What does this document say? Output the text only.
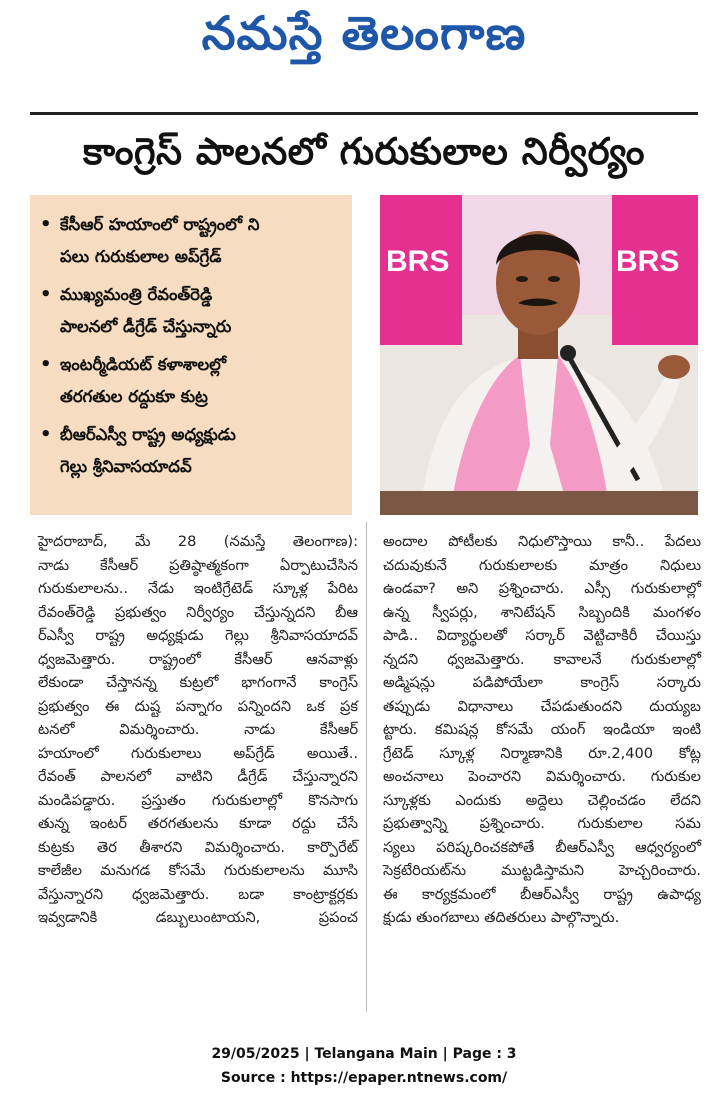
నమస్తే తెలంగాణ
కాంగ్రెస్ పాలనలో గురుకులాల నిర్వీర్యం
• కేసీఆర్ హయాంలో రాష్ట్రంలో ని
పలు గురుకులాల అప్‌గ్రేడ్
• ముఖ్యమంత్రి రేవంత్‌రెడ్డి
పాలనలో డీగ్రేడ్ చేస్తున్నారు
• ఇంటర్మీడియట్ కళాశాలల్లో
తరగతుల రద్దుకూ కుట్ర
• బీఆర్‌ఎస్వీ రాష్ట్ర అధ్యక్షుడు
గెల్లు శ్రీనివాసయాదవ్
BRS	BRS

హైదరాబాద్, మే 28 (నమస్తే తెలంగాణ):

నాడు కేసీఆర్ ప్రతిష్ఠాత్మకంగా ఏర్పాటుచేసిన

గురుకులాలను.. నేడు ఇంటిగ్రేటెడ్ స్కూళ్ల పేరిట

రేవంత్‌రెడ్డి ప్రభుత్వం నిర్వీర్యం చేస్తున్నదని బీఆ

ర్‌ఎస్వీ రాష్ట్ర అధ్యక్షుడు గెల్లు శ్రీనివాసయాదవ్

ధ్వజమెత్తారు. రాష్ట్రంలో కేసీఆర్ ఆనవాళ్లు

లేకుండా చేస్తానన్న కుట్రలో భాగంగానే కాంగ్రెస్

ప్రభుత్వం ఈ దుష్ట పన్నాగం పన్నిందని ఒక ప్రక

టనలో విమర్శించారు. నాడు కేసీఆర్

హయాంలో గురుకులాలు అప్‌గ్రేడ్ అయితే..

రేవంత్ పాలనలో వాటిని డీగ్రేడ్ చేస్తున్నారని

మండిపడ్డారు. ప్రస్తుతం గురుకులాల్లో కొనసాగు

తున్న ఇంటర్ తరగతులను కూడా రద్దు చేసే

కుట్రకు తెర తీశారని విమర్శించారు. కార్పొరేట్

కాలేజీల మనుగడ కోసమే గురుకులాలను మూసి

వేస్తున్నారని ధ్వజమెత్తారు. బడా కాంట్రాక్టర్లకు

ఇవ్వడానికి డబ్బులుంటాయని, ప్రపంచ

అందాల పోటీలకు నిధులొస్తాయి కానీ.. పేదలు

చదువుకునే గురుకులాలకు మాత్రం నిధులు

ఉండవా? అని ప్రశ్నించారు. ఎస్సీ గురుకులాల్లో

ఉన్న స్వీపర్లు, శానిటేషన్ సిబ్బందికి మంగళం

పాడి.. విద్యార్థులతో సర్కార్ వెట్టిచాకిరీ చేయిస్తు

న్నదని ధ్వజమెత్తారు. కావాలనే గురుకులాల్లో

అడ్మిషన్లు పడిపోయేలా కాంగ్రెస్ సర్కారు

తప్పుడు విధానాలు చేపడుతుందని దుయ్యబ

ట్టారు. కమిషన్ల కోసమే యంగ్ ఇండియా ఇంటి

గ్రేటెడ్ స్కూళ్ల నిర్మాణానికి రూ.2,400 కోట్ల

అంచనాలు పెంచారని విమర్శించారు. గురుకుల

స్కూళ్లకు ఎందుకు అద్దెలు చెల్లించడం లేదని

ప్రభుత్వాన్ని ప్రశ్నించారు. గురుకులాల సమ

స్యలు పరిష్కరించకపోతే బీఆర్‌ఎస్వీ ఆధ్వర్యంలో

సెక్రటేరియట్‌ను ముట్టడిస్తామని హెచ్చరించారు.

ఈ కార్యక్రమంలో బీఆర్‌ఎస్వీ రాష్ట్ర ఉపాధ్య

క్షుడు తుంగబాలు తదితరులు పాల్గొన్నారు.

29/05/2025 | Telangana Main | Page : 3
Source : https://epaper.ntnews.com/
